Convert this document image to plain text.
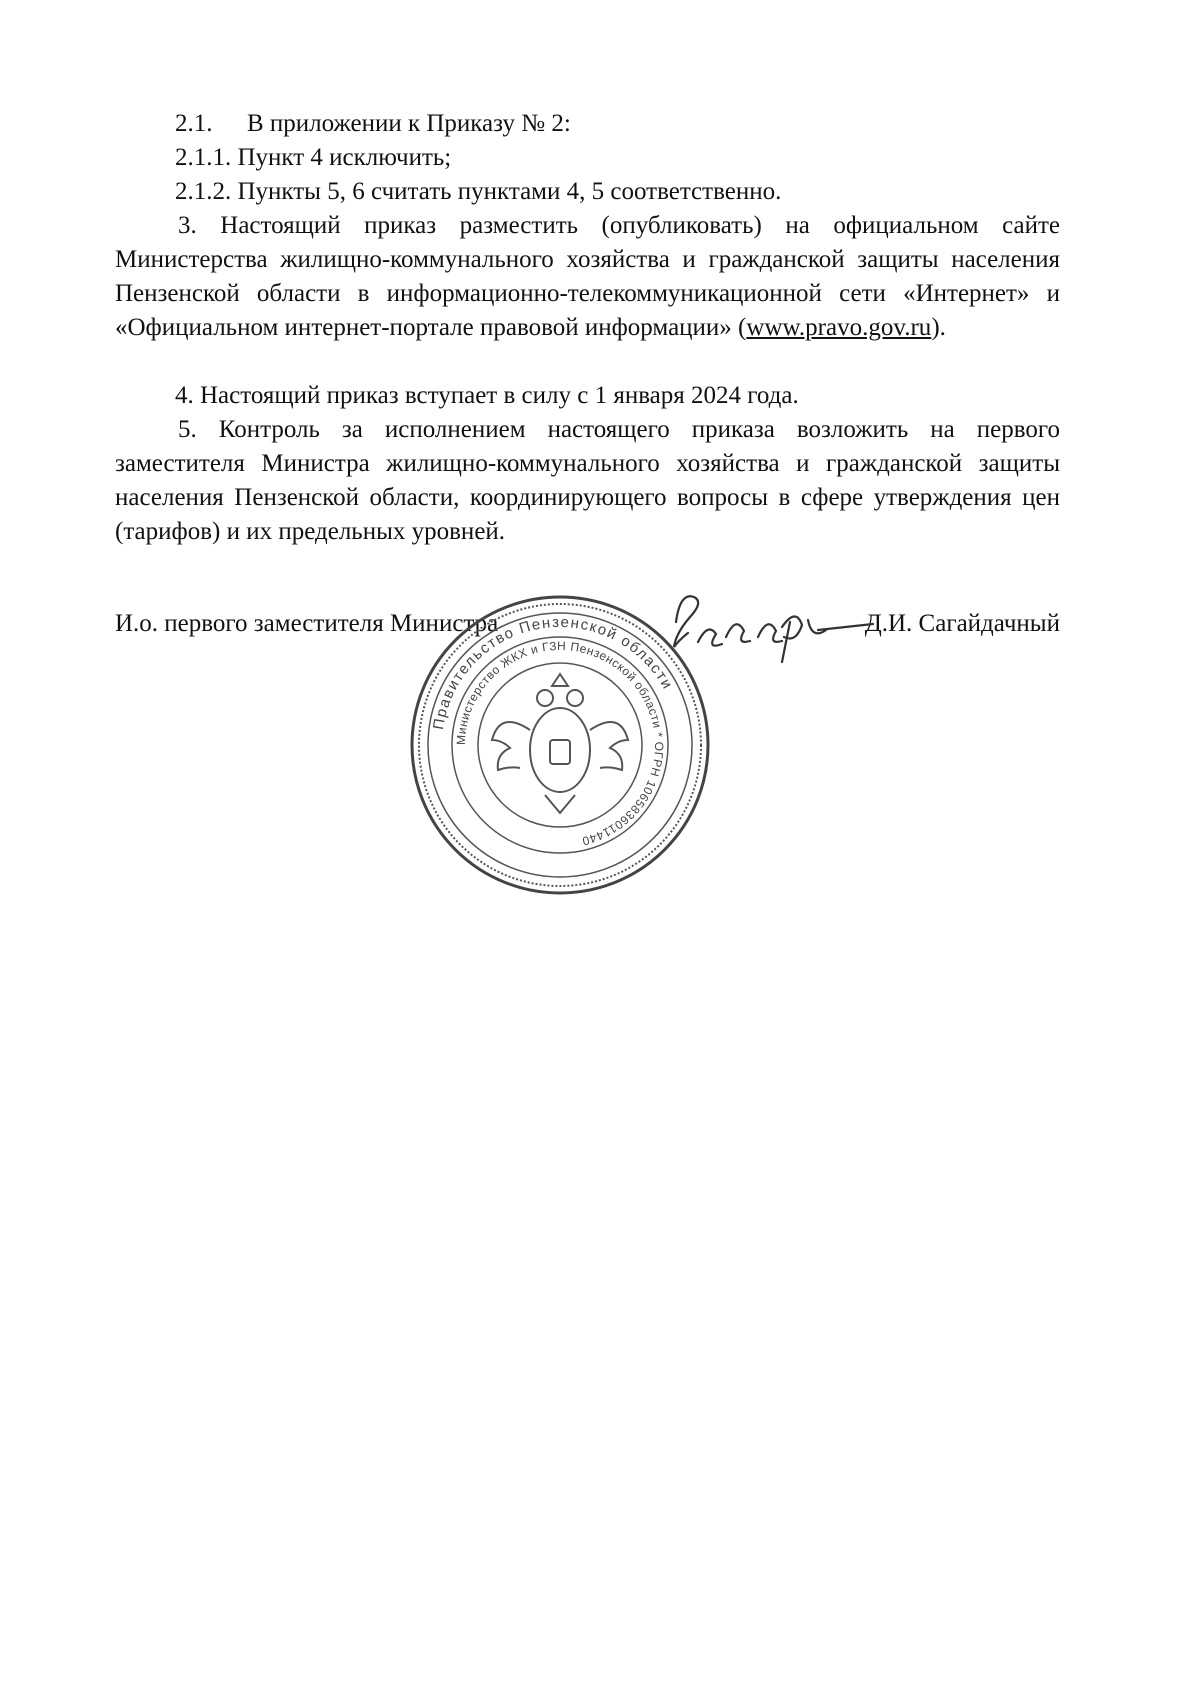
2.1. В приложении к Приказу № 2:

2.1.1. Пункт 4 исключить;

2.1.2. Пункты 5, 6 считать пунктами 4, 5 соответственно.

3. Настоящий приказ разместить (опубликовать) на официальном сайте Министерства жилищно-коммунального хозяйства и гражданской защиты населения Пензенской области в информационно-телекоммуникационной сети «Интернет» и «Официальном интернет-портале правовой информации» (www.pravo.gov.ru).

4. Настоящий приказ вступает в силу с 1 января 2024 года.

5. Контроль за исполнением настоящего приказа возложить на первого заместителя Министра жилищно-коммунального хозяйства и гражданской защиты населения Пензенской области, координирующего вопросы в сфере утверждения цен (тарифов) и их предельных уровней.

И.о. первого заместителя Министра	Д.И. Сагайдачный
Правительство Пензенской области
Министерство ЖКХ и ГЗН Пензенской области * ОГРН 1065836011440
